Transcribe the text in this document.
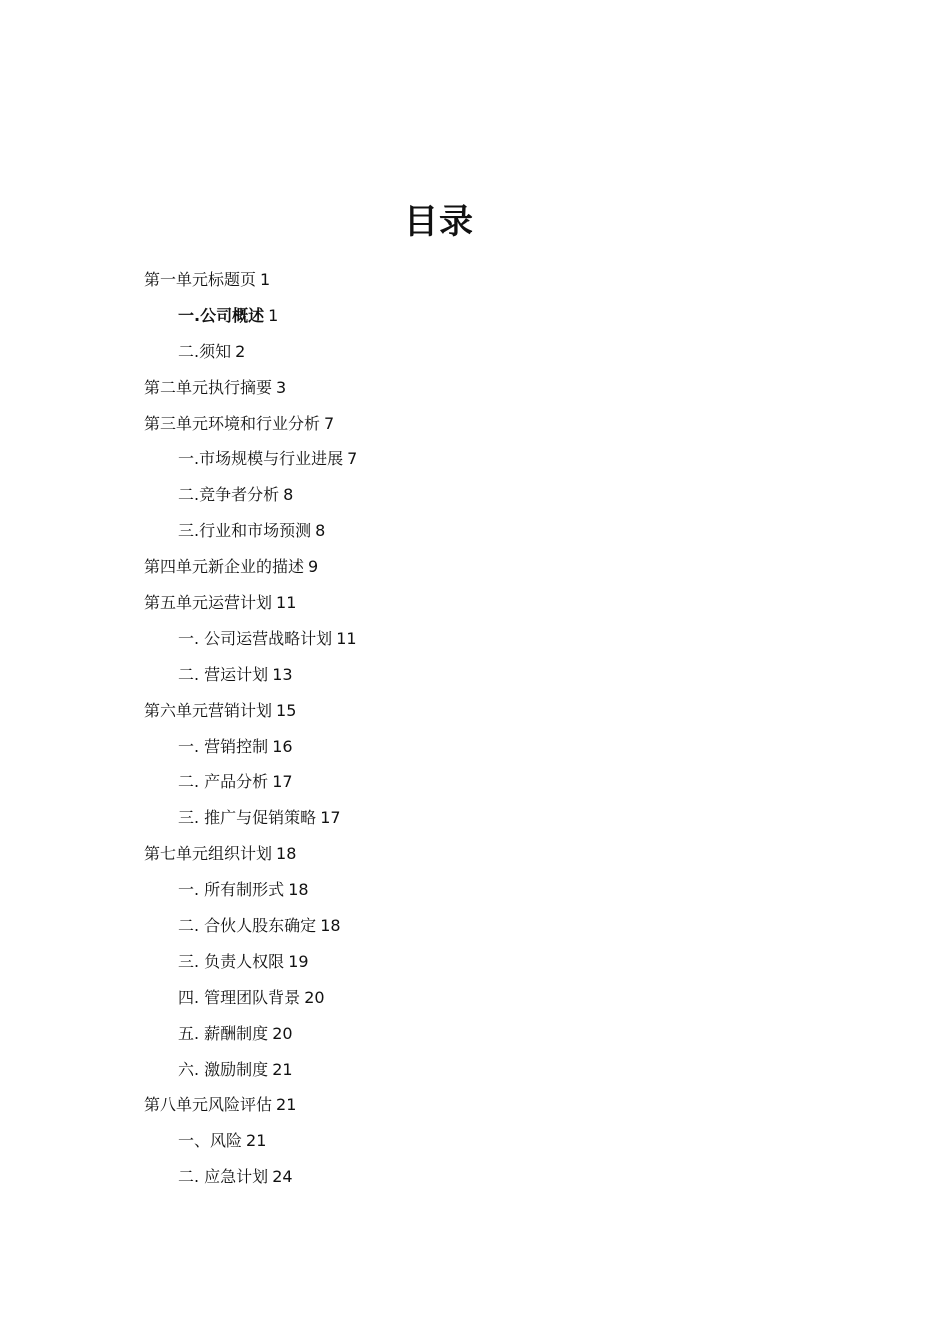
目录
第一单元标题页 1
一.公司概述 1
二.须知 2
第二单元执行摘要 3
第三单元环境和行业分析 7
一.市场规模与行业进展 7
二.竞争者分析 8
三.行业和市场预测 8
第四单元新企业的描述 9
第五单元运营计划 11
一. 公司运营战略计划 11
二. 营运计划 13
第六单元营销计划 15
一. 营销控制 16
二. 产品分析 17
三. 推广与促销策略 17
第七单元组织计划 18
一. 所有制形式 18
二. 合伙人股东确定 18
三. 负责人权限 19
四. 管理团队背景 20
五. 薪酬制度 20
六. 激励制度 21
第八单元风险评估 21
一、风险 21
二. 应急计划 24
